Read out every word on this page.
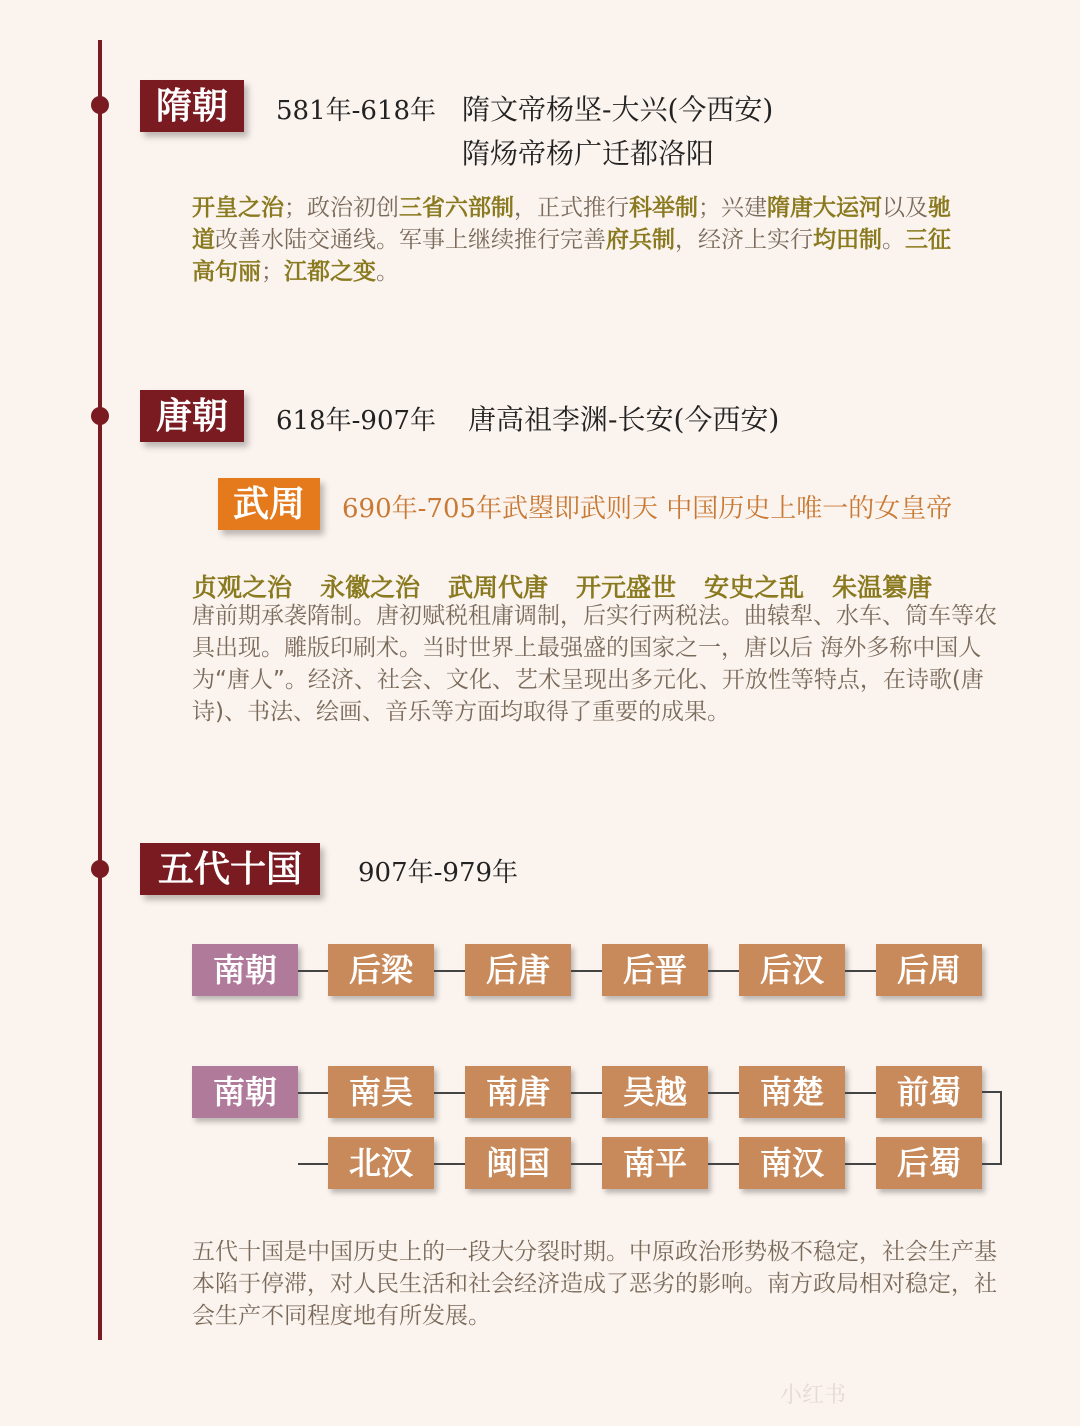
隋朝	581年-618年 隋文帝杨坚-大兴(今西安)
隋炀帝杨广迁都洛阳
开皇之治；政治初创三省六部制，正式推行科举制；兴建隋唐大运河以及驰道改善水陆交通线。军事上继续推行完善府兵制，经济上实行均田制。三征高句丽；江都之变。
唐朝	618年-907年 唐高祖李渊-长安(今西安)
武周	690年-705年武曌即武则天 中国历史上唯一的女皇帝
贞观之治 永徽之治 武周代唐 开元盛世 安史之乱 朱温篡唐
唐前期承袭隋制。唐初赋税租庸调制，后实行两税法。曲辕犁、水车、筒车等农具出现。雕版印刷术。当时世界上最强盛的国家之一，唐以后 海外多称中国人为“唐人”。经济、社会、文化、艺术呈现出多元化、开放性等特点，在诗歌(唐诗)、书法、绘画、音乐等方面均取得了重要的成果。
五代十国	907年-979年
南朝	后梁	后唐	后晋	后汉	后周
南朝	南吴	南唐	吴越	南楚	前蜀
北汉	闽国	南平	南汉	后蜀
五代十国是中国历史上的一段大分裂时期。中原政治形势极不稳定，社会生产基本陷于停滞，对人民生活和社会经济造成了恶劣的影响。南方政局相对稳定，社会生产不同程度地有所发展。
小红书
